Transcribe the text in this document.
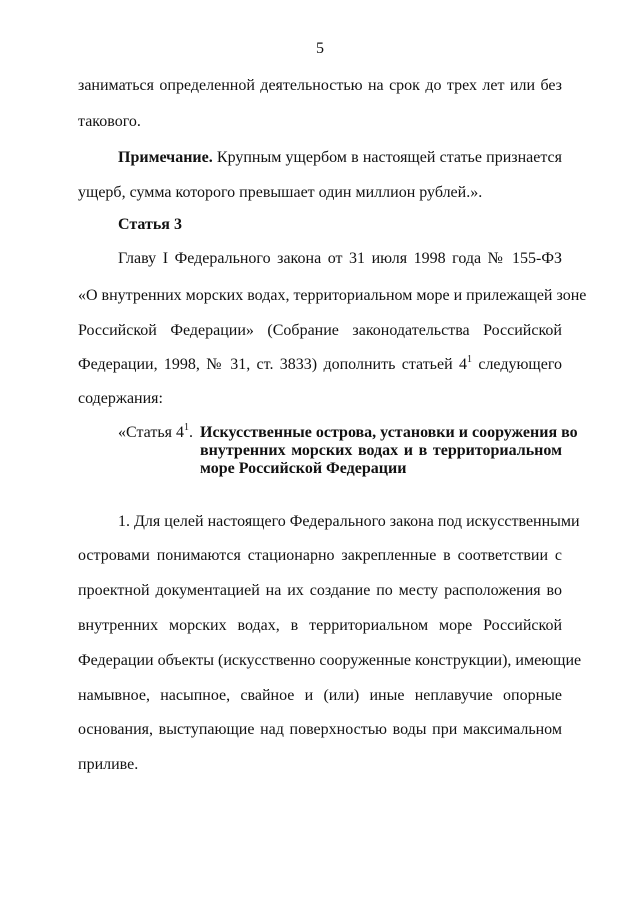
5
заниматься определенной деятельностью на срок до трех лет или без
такового.
Примечание. Крупным ущербом в настоящей статье признается
ущерб, сумма которого превышает один миллион рублей.».
Статья 3
Главу I Федерального закона от 31 июля 1998 года № 155-ФЗ
«О внутренних морских водах, территориальном море и прилежащей зоне
Российской Федерации» (Собрание законодательства Российской
Федерации, 1998, № 31, ст. 3833) дополнить статьей $4^1$ следующего
содержания:
«Статья $4^1$. Искусственные острова, установки и сооружения во
внутренних морских водах и в территориальном
море Российской Федерации
1. Для целей настоящего Федерального закона под искусственными
островами понимаются стационарно закрепленные в соответствии с
проектной документацией на их создание по месту расположения во
внутренних морских водах, в территориальном море Российской
Федерации объекты (искусственно сооруженные конструкции), имеющие
намывное, насыпное, свайное и (или) иные неплавучие опорные
основания, выступающие над поверхностью воды при максимальном
приливе.
